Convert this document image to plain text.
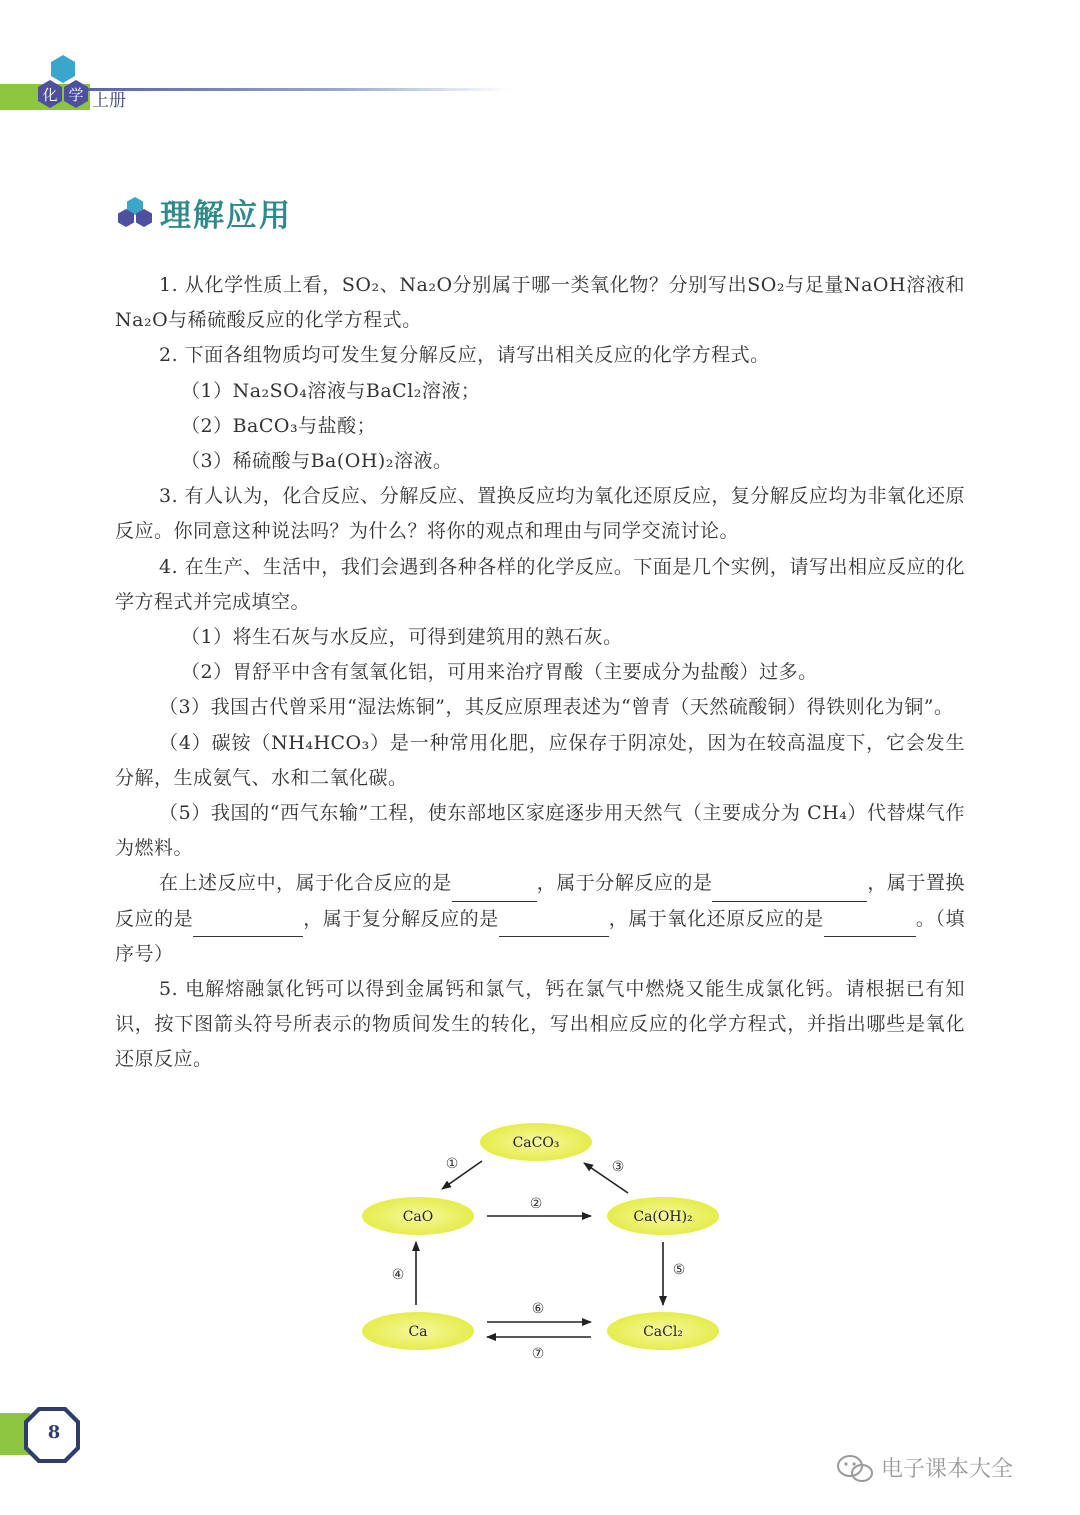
化 学 上册
理解应用

1. 从化学性质上看，SO₂、Na₂O分别属于哪一类氧化物？分别写出SO₂与足量NaOH溶液和Na₂O与稀硫酸反应的化学方程式。

2. 下面各组物质均可发生复分解反应，请写出相关反应的化学方程式。

（1）Na₂SO₄溶液与BaCl₂溶液；

（2）BaCO₃与盐酸；

（3）稀硫酸与Ba(OH)₂溶液。

3. 有人认为，化合反应、分解反应、置换反应均为氧化还原反应，复分解反应均为非氧化还原反应。你同意这种说法吗？为什么？将你的观点和理由与同学交流讨论。

4. 在生产、生活中，我们会遇到各种各样的化学反应。下面是几个实例，请写出相应反应的化学方程式并完成填空。

（1）将生石灰与水反应，可得到建筑用的熟石灰。

（2）胃舒平中含有氢氧化铝，可用来治疗胃酸（主要成分为盐酸）过多。

（3）我国古代曾采用“湿法炼铜”，其反应原理表述为“曾青（天然硫酸铜）得铁则化为铜”。

（4）碳铵（NH₄HCO₃）是一种常用化肥，应保存于阴凉处，因为在较高温度下，它会发生分解，生成氨气、水和二氧化碳。

（5）我国的“西气东输”工程，使东部地区家庭逐步用天然气（主要成分为 CH₄）代替煤气作为燃料。

在上述反应中，属于化合反应的是	，属于分解反应的是	，属于置换反应的是	，属于复分解反应的是	，属于氧化还原反应的是	。（填序号）

5. 电解熔融氯化钙可以得到金属钙和氯气，钙在氯气中燃烧又能生成氯化钙。请根据已有知识，按下图箭头符号所表示的物质间发生的转化，写出相应反应的化学方程式，并指出哪些是氧化还原反应。

CaCO₃
CaO	Ca(OH)₂
Ca	CaCl₂
①
②
③
④	⑤
⑥
⑦
8
电子课本大全
